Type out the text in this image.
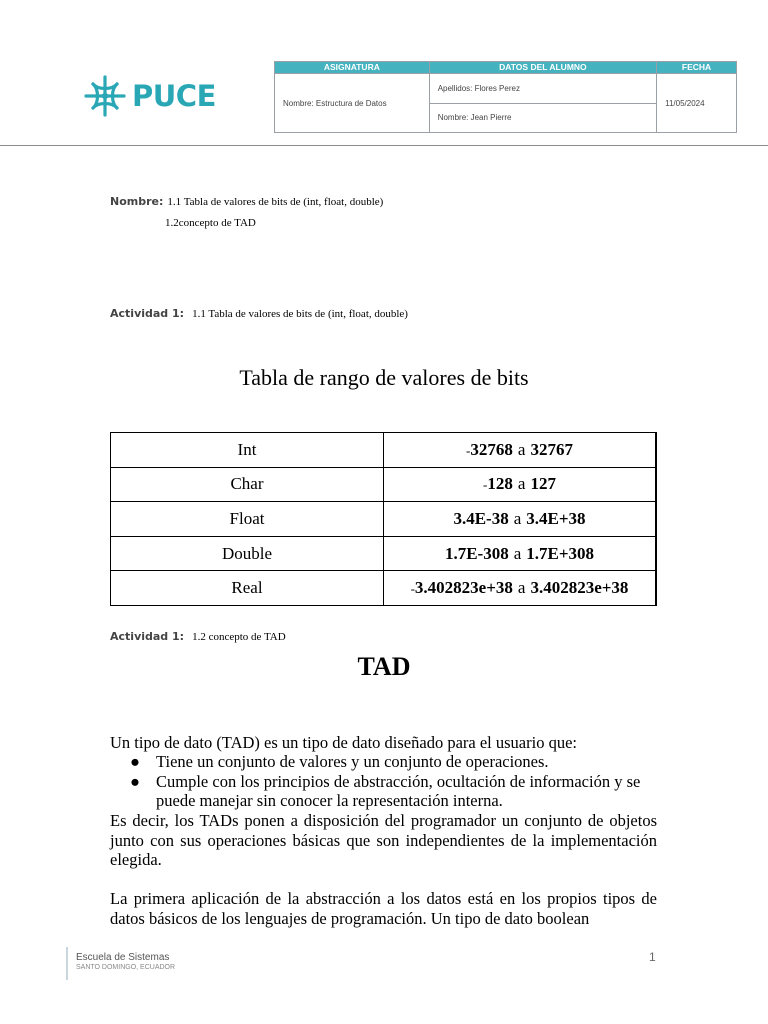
PUCE
ASIGNATURA	DATOS DEL ALUMNO	FECHA
Nombre: Estructura de Datos	Apellidos: Flores Perez	11/05/2024
	Nombre: Jean Pierre	
Nombre: 1.1 Tabla de valores de bits de (int, float, double)
1.2concepto de TAD
Actividad 1: 1.1 Tabla de valores de bits de (int, float, double)
Tabla de rango de valores de bits
Int	-32768 a 32767
Char	-128 a 127
Float	3.4E-38 a 3.4E+38
Double	1.7E-308 a 1.7E+308
Real	-3.402823e+38 a 3.402823e+38
Actividad 1: 1.2 concepto de TAD
TAD
Un tipo de dato (TAD) es un tipo de dato diseñado para el usuario que:
● Tiene un conjunto de valores y un conjunto de operaciones.
● Cumple con los principios de abstracción, ocultación de información y se puede manejar sin conocer la representación interna.
Es decir, los TADs ponen a disposición del programador un conjunto de objetos junto con sus operaciones básicas que son independientes de la implementación elegida.
La primera aplicación de la abstracción a los datos está en los propios tipos de datos básicos de los lenguajes de programación. Un tipo de dato boolean
Escuela de Sistemas
SANTO DOMINGO, ECUADOR
1
